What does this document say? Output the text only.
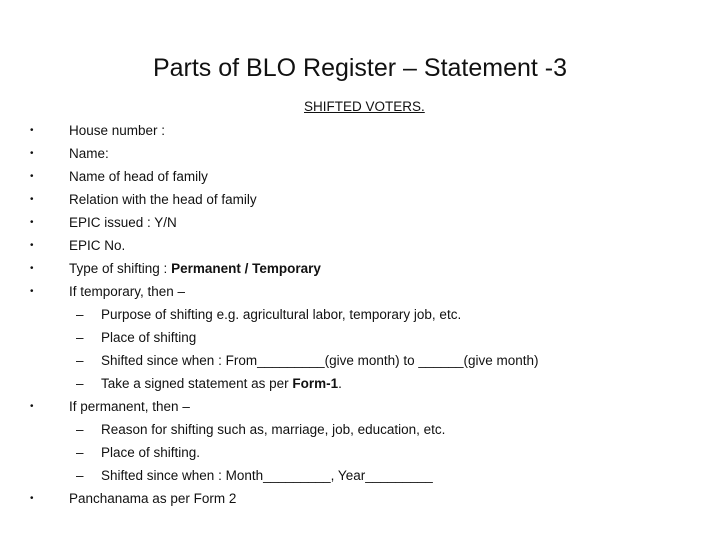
Parts of BLO Register – Statement -3
SHIFTED VOTERS.
•
•
•
•
•
•
•
•
•
•
House number :
Name:
Name of head of family
Relation with the head of family
EPIC issued : Y/N
EPIC No.
Type of shifting : Permanent / Temporary
If temporary, then –
– Purpose of shifting e.g. agricultural labor, temporary job, etc.
– Place of shifting
– Shifted since when : From_________(give month) to ______(give month)
– Take a signed statement as per Form-1.
If permanent, then –
– Reason for shifting such as, marriage, job, education, etc.
– Place of shifting.
– Shifted since when : Month_________, Year_________
Panchanama as per Form 2
